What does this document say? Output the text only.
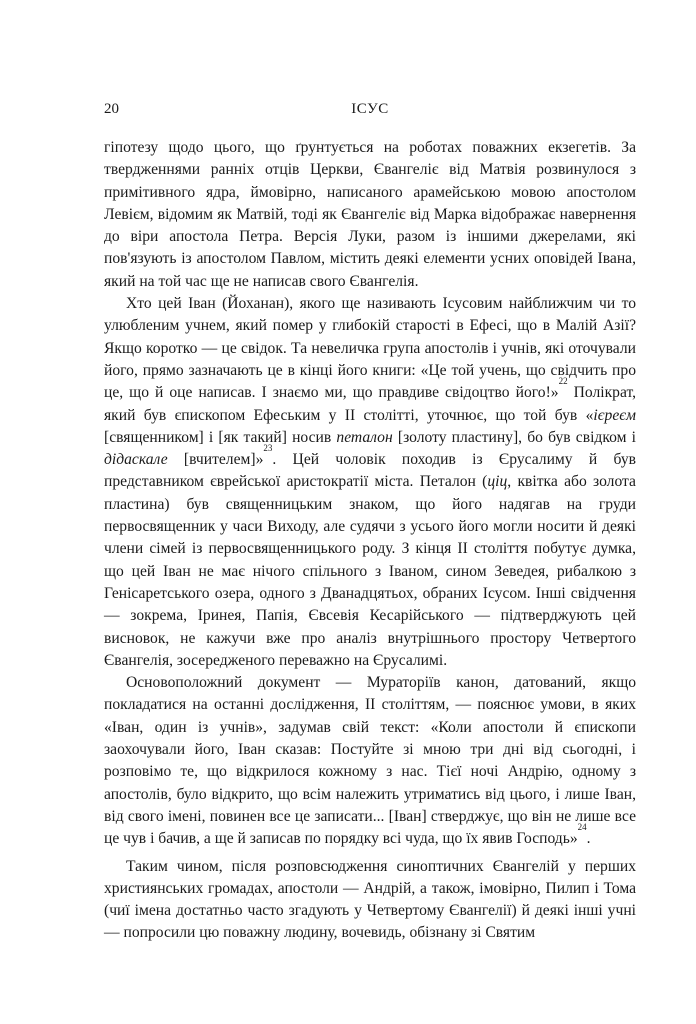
20	ІСУС

гіпотезу щодо цього, що ґрунтується на роботах поважних екзегетів. За твердженнями ранніх отців Церкви, Євангеліє від Матвія розвинулося з примітивного ядра, ймовірно, написаного арамейською мовою апостолом Левієм, відомим як Матвій, тоді як Євангеліє від Марка відображає навернення до віри апостола Петра. Версія Луки, разом із іншими джерелами, які пов'язують із апостолом Павлом, містить деякі елементи усних оповідей Івана, який на той час ще не написав свого Євангелія.

Хто цей Іван (Йоханан), якого ще називають Ісусовим найближчим чи то улюбленим учнем, який помер у глибокій старості в Ефесі, що в Малій Азії? Якщо коротко — це свідок. Та невеличка група апостолів і учнів, які оточували його, прямо зазначають це в кінці його книги: «Це той учень, що свідчить про це, що й оце написав. І знаємо ми, що правдиве свідоцтво його!»$^{22}$ Полікрат, який був єпископом Ефеським у II столітті, уточнює, що той був «ієреєм [священником] і [як такий] носив петалон [золоту пластину], бо був свідком і дідаскале [вчителем]»$^{23}$. Цей чоловік походив із Єрусалиму й був представником єврейської аристократії міста. Петалон (ціц, квітка або золота пластина) був священницьким знаком, що його надягав на груди первосвященник у часи Виходу, але судячи з усього його могли носити й деякі члени сімей із первосвященницького роду. З кінця II століття побутує думка, що цей Іван не має нічого спільного з Іваном, сином Зеведея, рибалкою з Генісаретського озера, одного з Дванадцятьох, обраних Ісусом. Інші свідчення — зокрема, Іринея, Папія, Євсевія Кесарійського — підтверджують цей висновок, не кажучи вже про аналіз внутрішнього простору Четвертого Євангелія, зосередженого переважно на Єрусалимі.

Основоположний документ — Мураторіїв канон, датований, якщо покладатися на останні дослідження, II століттям, — пояснює умови, в яких «Іван, один із учнів», задумав свій текст: «Коли апостоли й єпископи заохочували його, Іван сказав: Постуйте зі мною три дні від сьогодні, і розповімо те, що відкрилося кожному з нас. Тієї ночі Андрію, одному з апостолів, було відкрито, що всім належить утриматись від цього, і лише Іван, від свого імені, повинен все це записати... [Іван] стверджує, що він не лише все це чув і бачив, а ще й записав по порядку всі чуда, що їх явив Господь»$^{24}$.

Таким чином, після розповсюдження синоптичних Євангелій у перших християнських громадах, апостоли — Андрій, а також, імовірно, Пилип і Тома (чиї імена достатньо часто згадують у Четвертому Євангелії) й деякі інші учні — попросили цю поважну людину, вочевидь, обізнану зі Святим
